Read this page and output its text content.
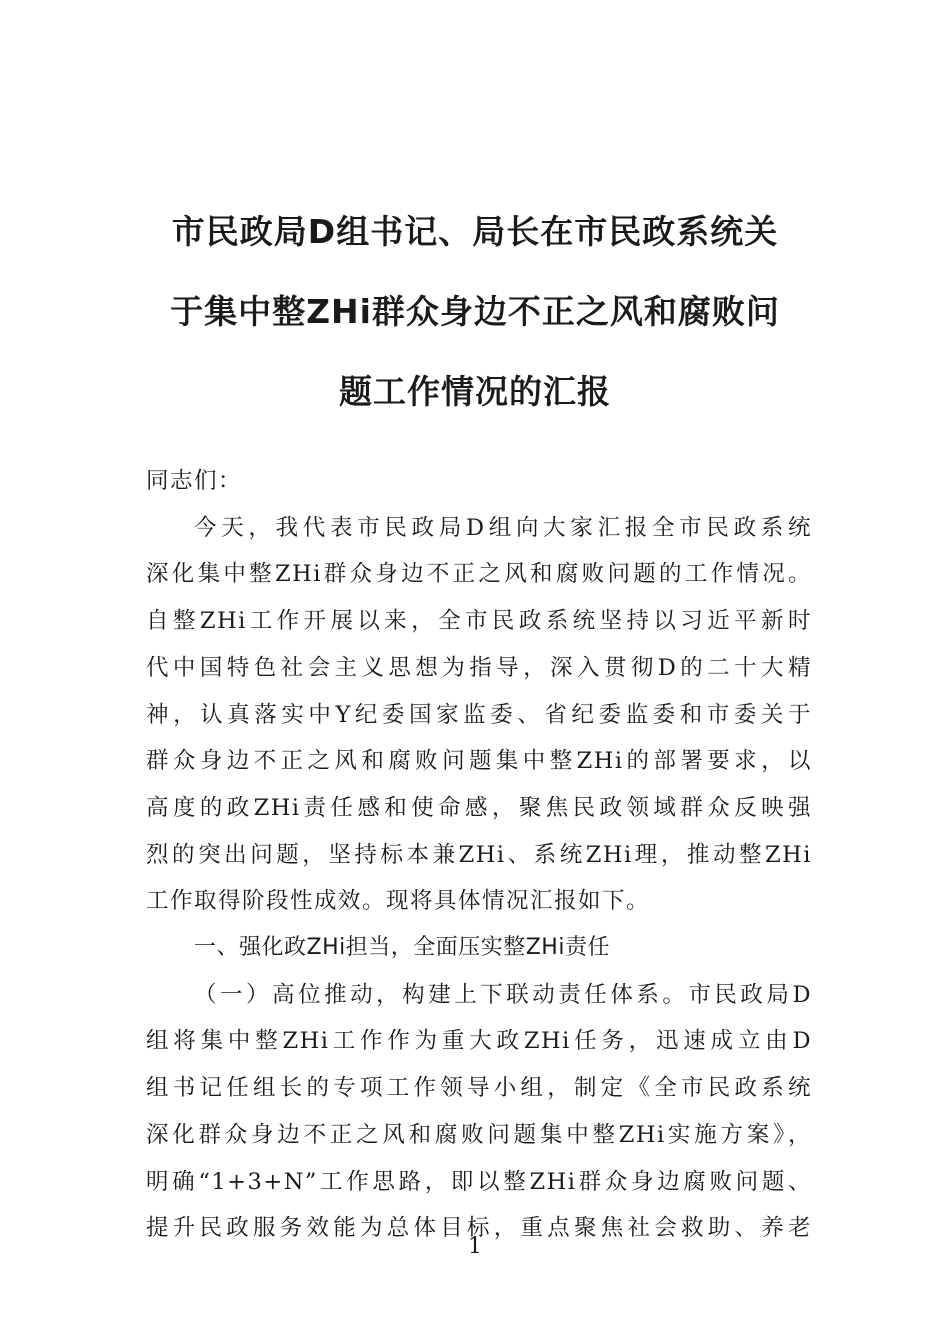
市民政局D组书记、局长在市民政系统关
于集中整ZHi群众身边不正之风和腐败问
题工作情况的汇报
同志们：
今天，我代表市民政局D组向大家汇报全市民政系统
深化集中整ZHi群众身边不正之风和腐败问题的工作情况。
自整ZHi工作开展以来，全市民政系统坚持以习近平新时
代中国特色社会主义思想为指导，深入贯彻D的二十大精
神，认真落实中Y纪委国家监委、省纪委监委和市委关于
群众身边不正之风和腐败问题集中整ZHi的部署要求，以
高度的政ZHi责任感和使命感，聚焦民政领域群众反映强
烈的突出问题，坚持标本兼ZHi、系统ZHi理，推动整ZHi
工作取得阶段性成效。现将具体情况汇报如下。
一、强化政ZHi担当，全面压实整ZHi责任
（一）高位推动，构建上下联动责任体系。市民政局D
组将集中整ZHi工作作为重大政ZHi任务，迅速成立由D
组书记任组长的专项工作领导小组，制定《全市民政系统
深化群众身边不正之风和腐败问题集中整ZHi实施方案》，
明确“1+3+N”工作思路，即以整ZHi群众身边腐败问题、
提升民政服务效能为总体目标，重点聚焦社会救助、养老
1
